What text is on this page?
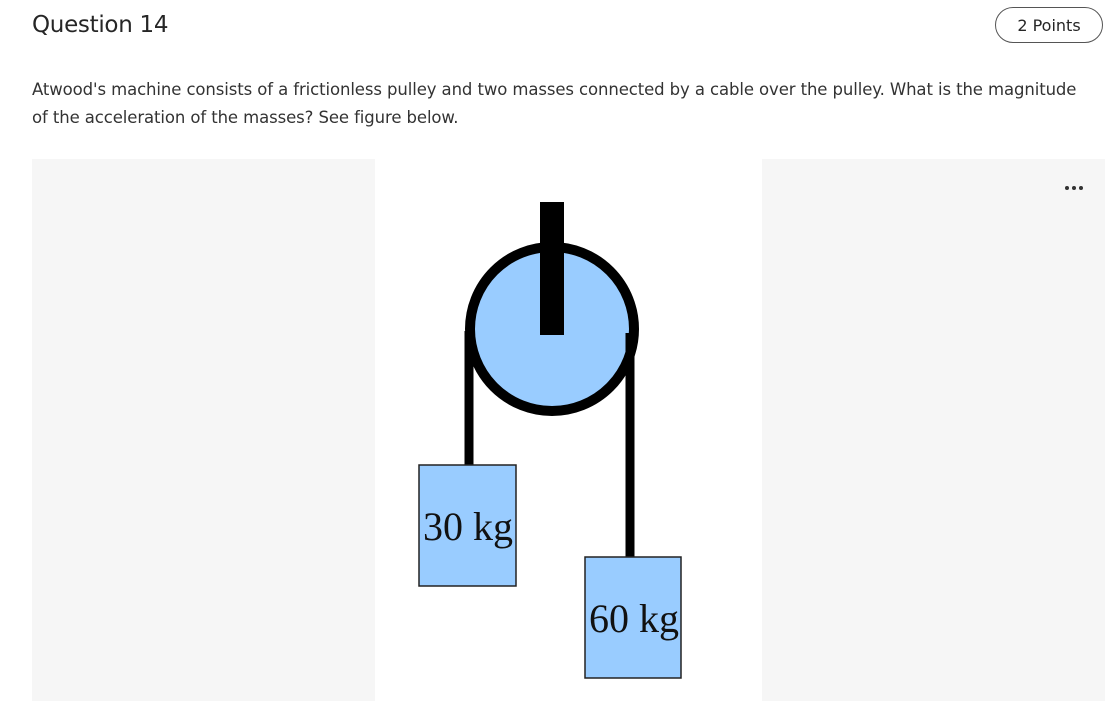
Question 14	2 Points
Atwood's machine consists of a frictionless pulley and two masses connected by a cable over the pulley. What is the magnitude of the acceleration of the masses? See figure below.
30 kg
60 kg
